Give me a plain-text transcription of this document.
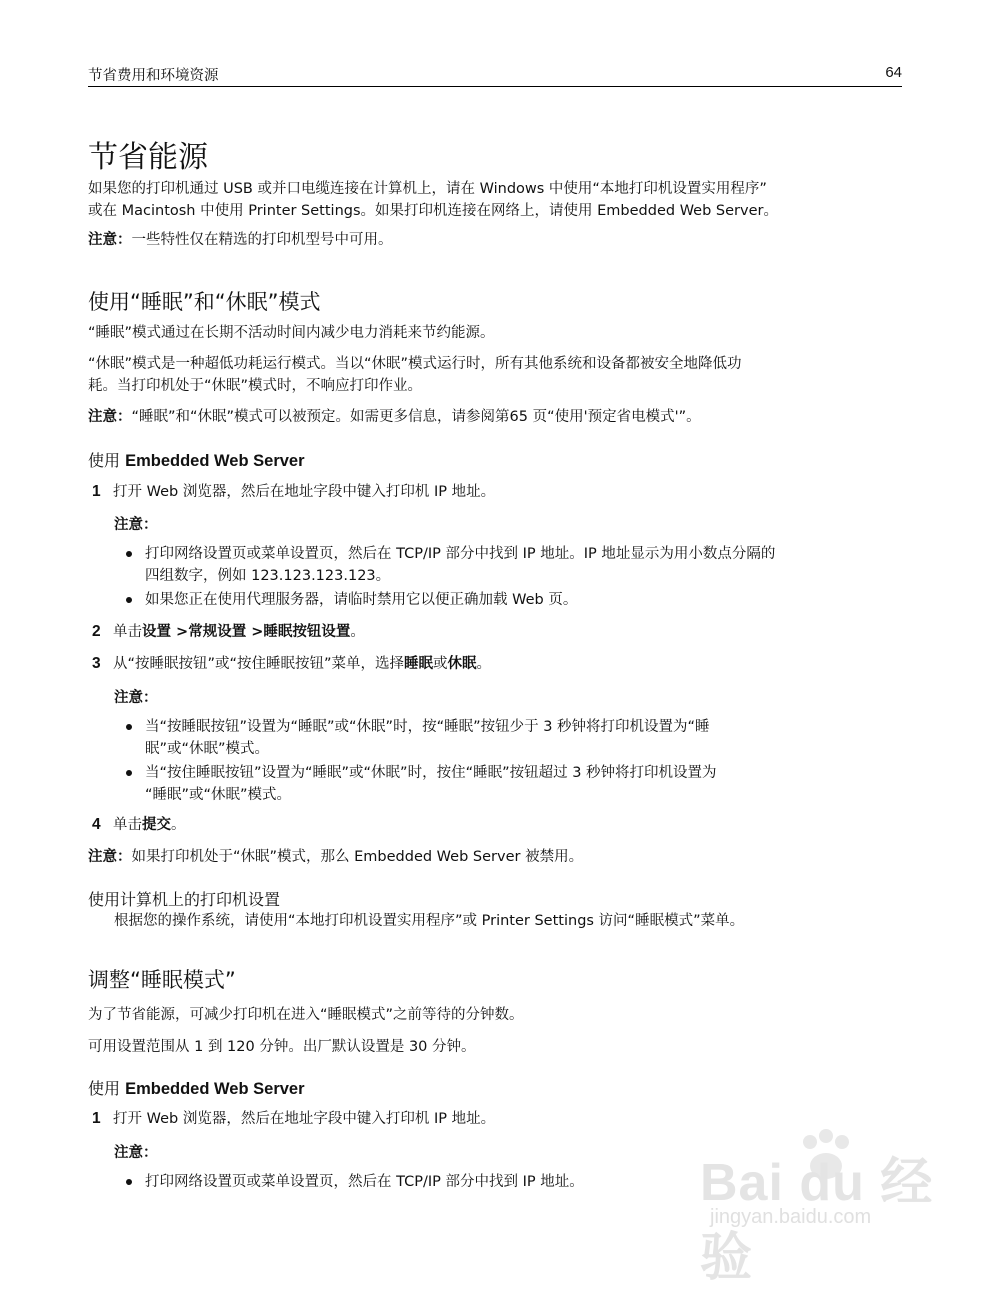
节省费用和环境资源	64
节省能源

如果您的打印机通过 USB 或并口电缆连接在计算机上，请在 Windows 中使用“本地打印机设置实用程序”

或在 Macintosh 中使用 Printer Settings。如果打印机连接在网络上，请使用 Embedded Web Server。

注意：一些特性仅在精选的打印机型号中可用。

使用“睡眠”和“休眠”模式

“睡眠”模式通过在长期不活动时间内减少电力消耗来节约能源。

“休眠”模式是一种超低功耗运行模式。当以“休眠”模式运行时，所有其他系统和设备都被安全地降低功

耗。当打印机处于“休眠”模式时，不响应打印作业。

注意：“睡眠”和“休眠”模式可以被预定。如需更多信息，请参阅第65 页“使用'预定省电模式'”。

使用 Embedded Web Server
1 打开 Web 浏览器，然后在地址字段中键入打印机 IP 地址。
注意：
打印网络设置页或菜单设置页，然后在 TCP/IP 部分中找到 IP 地址。IP 地址显示为用小数点分隔的
四组数字，例如 123.123.123.123。
如果您正在使用代理服务器，请临时禁用它以便正确加载 Web 页。
2 单击设置 >常规设置 >睡眠按钮设置。
3 从“按睡眠按钮”或“按住睡眠按钮”菜单，选择睡眠或休眠。
注意：
当“按睡眠按钮”设置为“睡眠”或“休眠”时，按“睡眠”按钮少于 3 秒钟将打印机设置为“睡
眠”或“休眠”模式。
当“按住睡眠按钮”设置为“睡眠”或“休眠”时，按住“睡眠”按钮超过 3 秒钟将打印机设置为
“睡眠”或“休眠”模式。
4 单击提交。

注意：如果打印机处于“休眠”模式，那么 Embedded Web Server 被禁用。

使用计算机上的打印机设置

根据您的操作系统，请使用“本地打印机设置实用程序”或 Printer Settings 访问“睡眠模式”菜单。

调整“睡眠模式”

为了节省能源，可减少打印机在进入“睡眠模式”之前等待的分钟数。

可用设置范围从 1 到 120 分钟。出厂默认设置是 30 分钟。

使用 Embedded Web Server
1 打开 Web 浏览器，然后在地址字段中键入打印机 IP 地址。
注意：
打印网络设置页或菜单设置页，然后在 TCP/IP 部分中找到 IP 地址。	Bai du 经验
jingyan.baidu.com
